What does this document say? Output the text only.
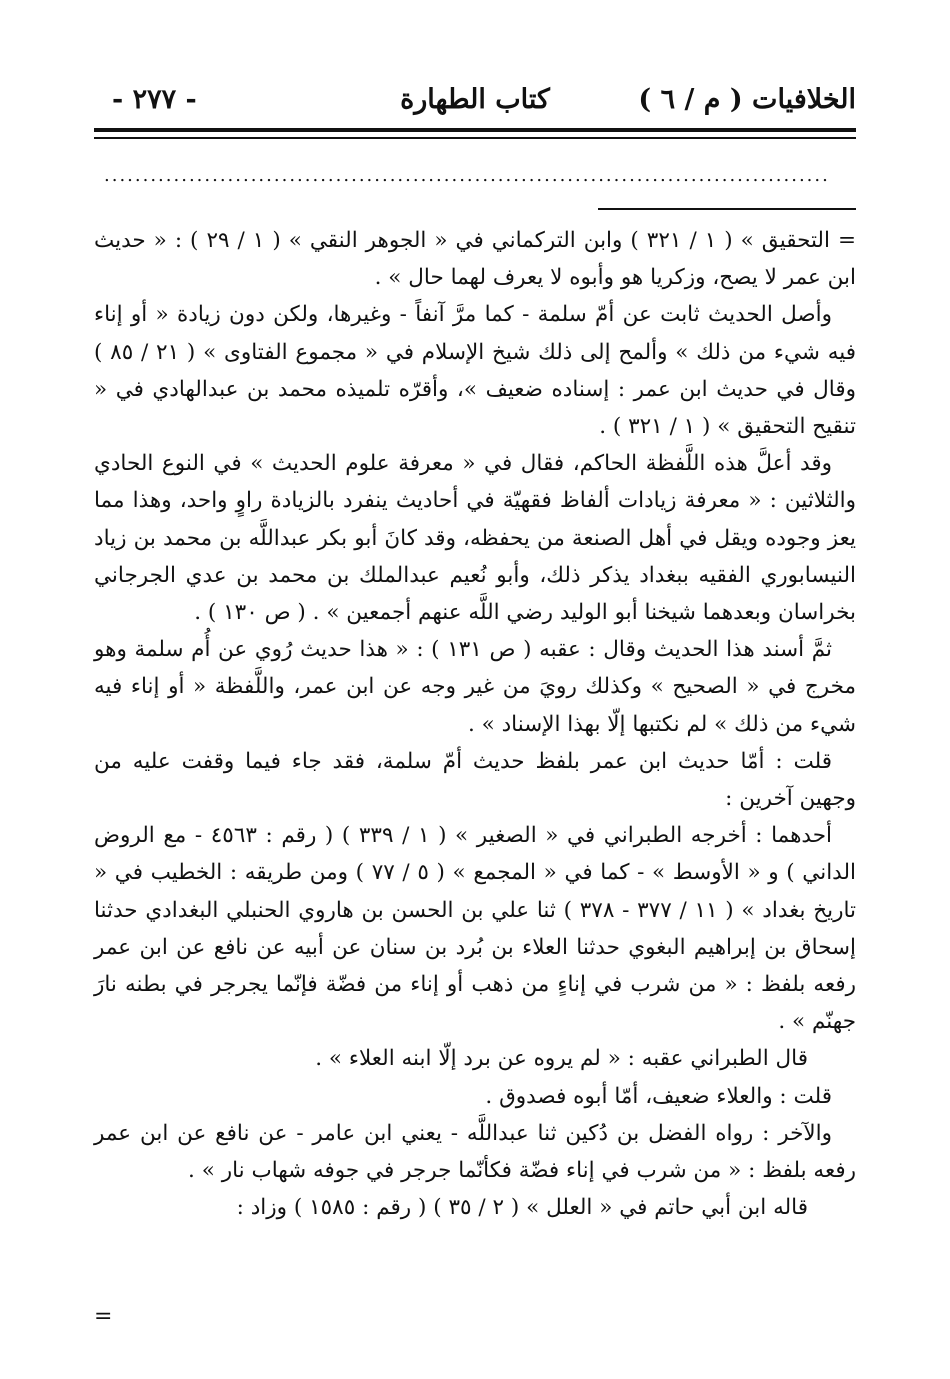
الخلافيات ( م / ٦ )
كتاب الطهارة
- ٢٧٧ -
..............................................................................................

= التحقيق » ( ١ / ٣٢١ ) وابن التركماني في « الجوهر النقي » ( ١ / ٢٩ ) : « حديث ابن عمر لا يصح، وزكريا هو وأبوه لا يعرف لهما حال » .

وأصل الحديث ثابت عن أمّ سلمة - كما مرَّ آنفاً - وغيرها، ولكن دون زيادة « أو إناء فيه شيء من ذلك » وألمح إلى ذلك شيخ الإسلام في « مجموع الفتاوى » ( ٢١ / ٨٥ ) وقال في حديث ابن عمر : إسناده ضعيف »، وأقرّه تلميذه محمد بن عبدالهادي في « تنقيح التحقيق » ( ١ / ٣٢١ ) .

وقد أعلَّ هذه اللَّفظة الحاكم، فقال في « معرفة علوم الحديث » في النوع الحادي والثلاثين : « معرفة زيادات ألفاظ فقهيّة في أحاديث ينفرد بالزيادة راوٍ واحد، وهذا مما يعز وجوده ويقل في أهل الصنعة من يحفظه، وقد كانَ أبو بكر عبداللَّه بن محمد بن زياد النيسابوري الفقيه ببغداد يذكر ذلك، وأبو نُعيم عبدالملك بن محمد بن عدي الجرجاني بخراسان وبعدهما شيخنا أبو الوليد رضي اللَّه عنهم أجمعين » . ( ص ١٣٠ ) .

ثمَّ أسند هذا الحديث وقال : عقبه ( ص ١٣١ ) : « هذا حديث رُوي عن أُم سلمة وهو مخرج في « الصحيح » وكذلك رويَ من غير وجه عن ابن عمر، واللَّفظة « أو إناء فيه شيء من ذلك » لم نكتبها إلّا بهذا الإسناد » .

قلت : أمّا حديث ابن عمر بلفظ حديث أمّ سلمة، فقد جاء فيما وقفت عليه من وجهين آخرين :

أحدهما : أخرجه الطبراني في « الصغير » ( ١ / ٣٣٩ ) ( رقم : ٤٥٦٣ - مع الروض الداني ) و « الأوسط » - كما في « المجمع » ( ٥ / ٧٧ ) ومن طريقه : الخطيب في « تاريخ بغداد » ( ١١ / ٣٧٧ - ٣٧٨ ) ثنا علي بن الحسن بن هاروي الحنبلي البغدادي حدثنا إسحاق بن إبراهيم البغوي حدثنا العلاء بن بُرد بن سنان عن أبيه عن نافع عن ابن عمر رفعه بلفظ : « من شرب في إناءٍ من ذهب أو إناء من فضّة فإنّما يجرجر في بطنه نارَ جهنّم » .

قال الطبراني عقبه : « لم يروه عن برد إلّا ابنه العلاء » .

قلت : والعلاء ضعيف، أمّا أبوه فصدوق .

والآخر : رواه الفضل بن دُكين ثنا عبداللَّه - يعني ابن عامر - عن نافع عن ابن عمر رفعه بلفظ : « من شرب في إناء فضّة فكأنّما جرجر في جوفه شهاب نار » .

قاله ابن أبي حاتم في « العلل » ( ٢ / ٣٥ ) ( رقم : ١٥٨٥ ) وزاد :

=
